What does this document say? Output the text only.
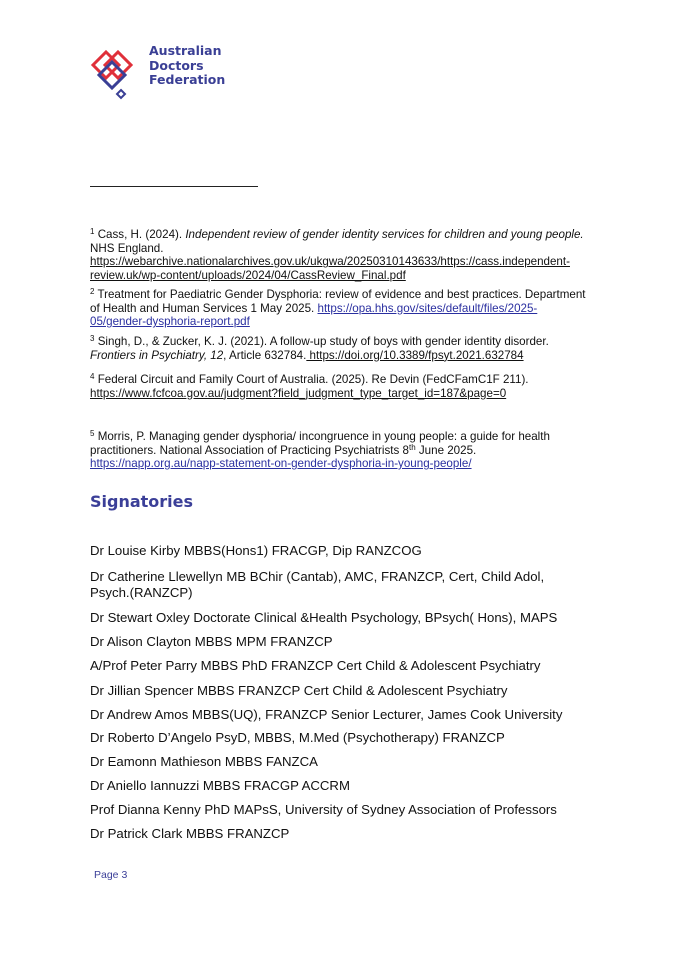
Australian
Doctors
Federation
$^1$ Cass, H. (2024). Independent review of gender identity services for children and young people.
NHS England.
https://webarchive.nationalarchives.gov.uk/ukgwa/20250310143633/https://cass.independent-
review.uk/wp-content/uploads/2024/04/CassReview_Final.pdf
$^2$ Treatment for Paediatric Gender Dysphoria: review of evidence and best practices. Department
of Health and Human Services 1 May 2025. https://opa.hhs.gov/sites/default/files/2025-
05/gender-dysphoria-report.pdf
$^3$ Singh, D., & Zucker, K. J. (2021). A follow-up study of boys with gender identity disorder.
Frontiers in Psychiatry, 12, Article 632784. https://doi.org/10.3389/fpsyt.2021.632784
$^4$ Federal Circuit and Family Court of Australia. (2025). Re Devin (FedCFamC1F 211).
https://www.fcfcoa.gov.au/judgment?field_judgment_type_target_id=187&page=0
$^5$ Morris, P. Managing gender dysphoria/ incongruence in young people: a guide for health
practitioners. National Association of Practicing Psychiatrists 8th June 2025.
https://napp.org.au/napp-statement-on-gender-dysphoria-in-young-people/
Signatories
Dr Louise Kirby MBBS(Hons1) FRACGP, Dip RANZCOG
Dr Catherine Llewellyn MB BChir (Cantab), AMC, FRANZCP, Cert, Child Adol,
Psych.(RANZCP)
Dr Stewart Oxley Doctorate Clinical &Health Psychology, BPsych( Hons), MAPS
Dr Alison Clayton MBBS MPM FRANZCP
A/Prof Peter Parry MBBS PhD FRANZCP Cert Child & Adolescent Psychiatry
Dr Jillian Spencer MBBS FRANZCP Cert Child & Adolescent Psychiatry
Dr Andrew Amos MBBS(UQ), FRANZCP Senior Lecturer, James Cook University
Dr Roberto D’Angelo PsyD, MBBS, M.Med (Psychotherapy) FRANZCP
Dr Eamonn Mathieson MBBS FANZCA
Dr Aniello Iannuzzi MBBS FRACGP ACCRM
Prof Dianna Kenny PhD MAPsS, University of Sydney Association of Professors
Dr Patrick Clark MBBS FRANZCP
Page 3
